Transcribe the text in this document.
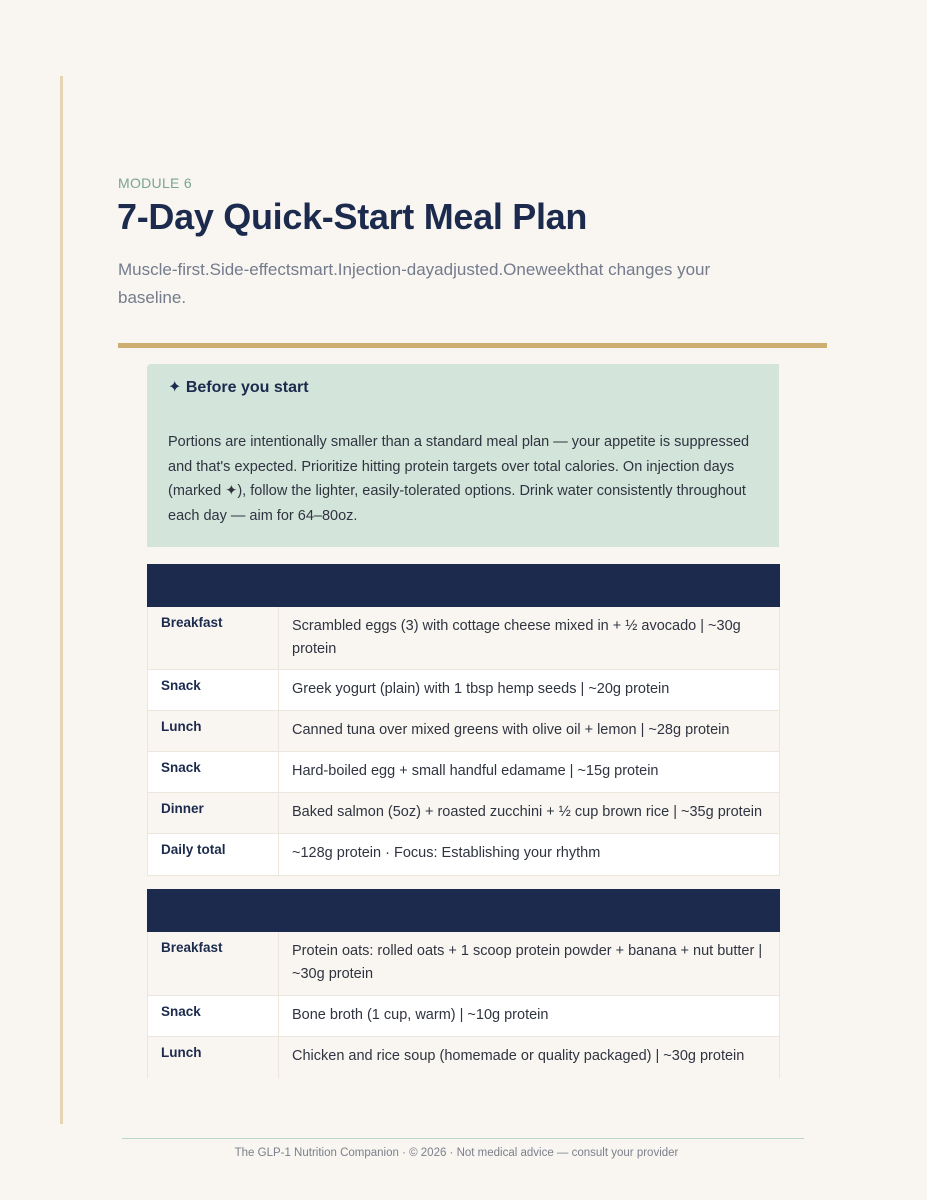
MODULE 6
7-Day Quick-Start Meal Plan

Muscle-first.Side-effectsmart.Injection-dayadjusted.Oneweekthat changes your baseline.

✦ Before you start

Portions are intentionally smaller than a standard meal plan — your appetite is suppressed and that's expected. Prioritize hitting protein targets over total calories. On injection days (marked ✦), follow the lighter, easily-tolerated options. Drink water consistently throughout each day — aim for 64–80oz.

Breakfast	Scrambled eggs (3) with cottage cheese mixed in + ½ avocado | ~30g protein
Snack	Greek yogurt (plain) with 1 tbsp hemp seeds | ~20g protein
Lunch	Canned tuna over mixed greens with olive oil + lemon | ~28g protein
Snack	Hard-boiled egg + small handful edamame | ~15g protein
Dinner	Baked salmon (5oz) + roasted zucchini + ½ cup brown rice | ~35g protein
Daily total	~128g protein · Focus: Establishing your rhythm
Breakfast	Protein oats: rolled oats + 1 scoop protein powder + banana + nut butter | ~30g protein
Snack	Bone broth (1 cup, warm) | ~10g protein
Lunch	Chicken and rice soup (homemade or quality packaged) | ~30g protein
The GLP-1 Nutrition Companion · © 2026 · Not medical advice — consult your provider
